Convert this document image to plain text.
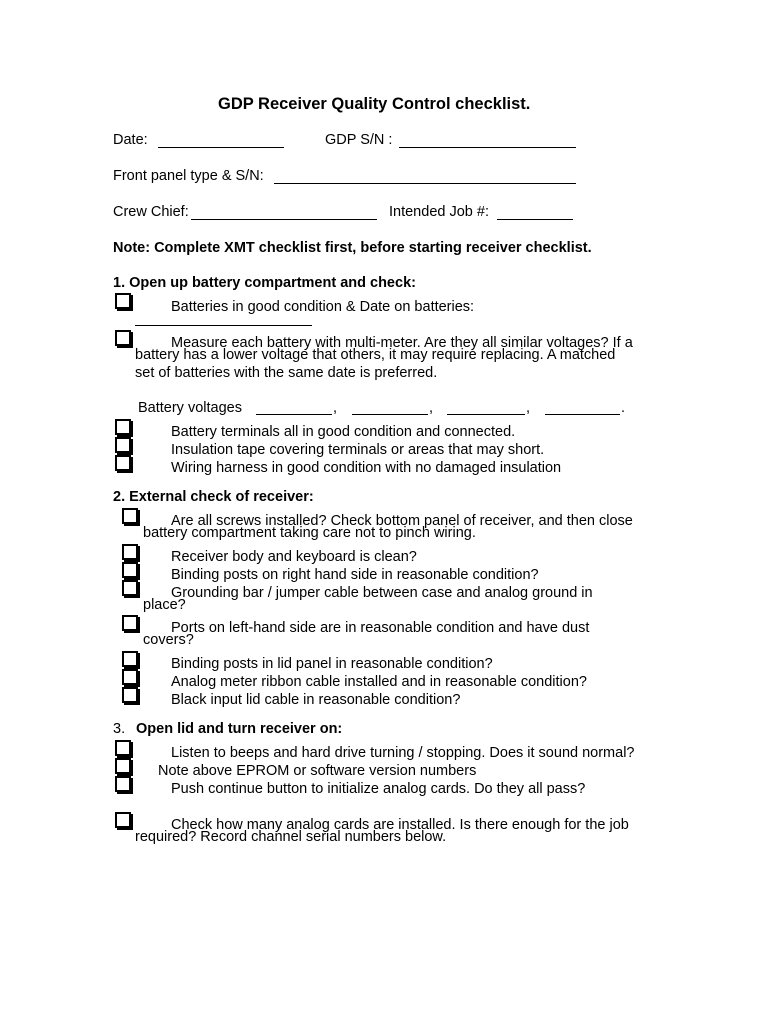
GDP Receiver Quality Control checklist.
Date:	GDP S/N :
Front panel type & S/N:
Crew Chief:	Intended Job #:
Note: Complete XMT checklist first, before starting receiver checklist.
1. Open up battery compartment and check:
Batteries in good condition & Date on batteries:
Measure each battery with multi-meter. Are they all similar voltages? If a
battery has a lower voltage that others, it may require replacing. A matched
set of batteries with the same date is preferred.
Battery voltages	,	,	,	.
Battery terminals all in good condition and connected.
Insulation tape covering terminals or areas that may short.
Wiring harness in good condition with no damaged insulation
2. External check of receiver:
Are all screws installed? Check bottom panel of receiver, and then close
battery compartment taking care not to pinch wiring.
Receiver body and keyboard is clean?
Binding posts on right hand side in reasonable condition?
Grounding bar / jumper cable between case and analog ground in
place?
Ports on left-hand side are in reasonable condition and have dust
covers?
Binding posts in lid panel in reasonable condition?
Analog meter ribbon cable installed and in reasonable condition?
Black input lid cable in reasonable condition?
3. Open lid and turn receiver on:
Listen to beeps and hard drive turning / stopping. Does it sound normal?
Note above EPROM or software version numbers
Push continue button to initialize analog cards. Do they all pass?
Check how many analog cards are installed. Is there enough for the job
required? Record channel serial numbers below.
